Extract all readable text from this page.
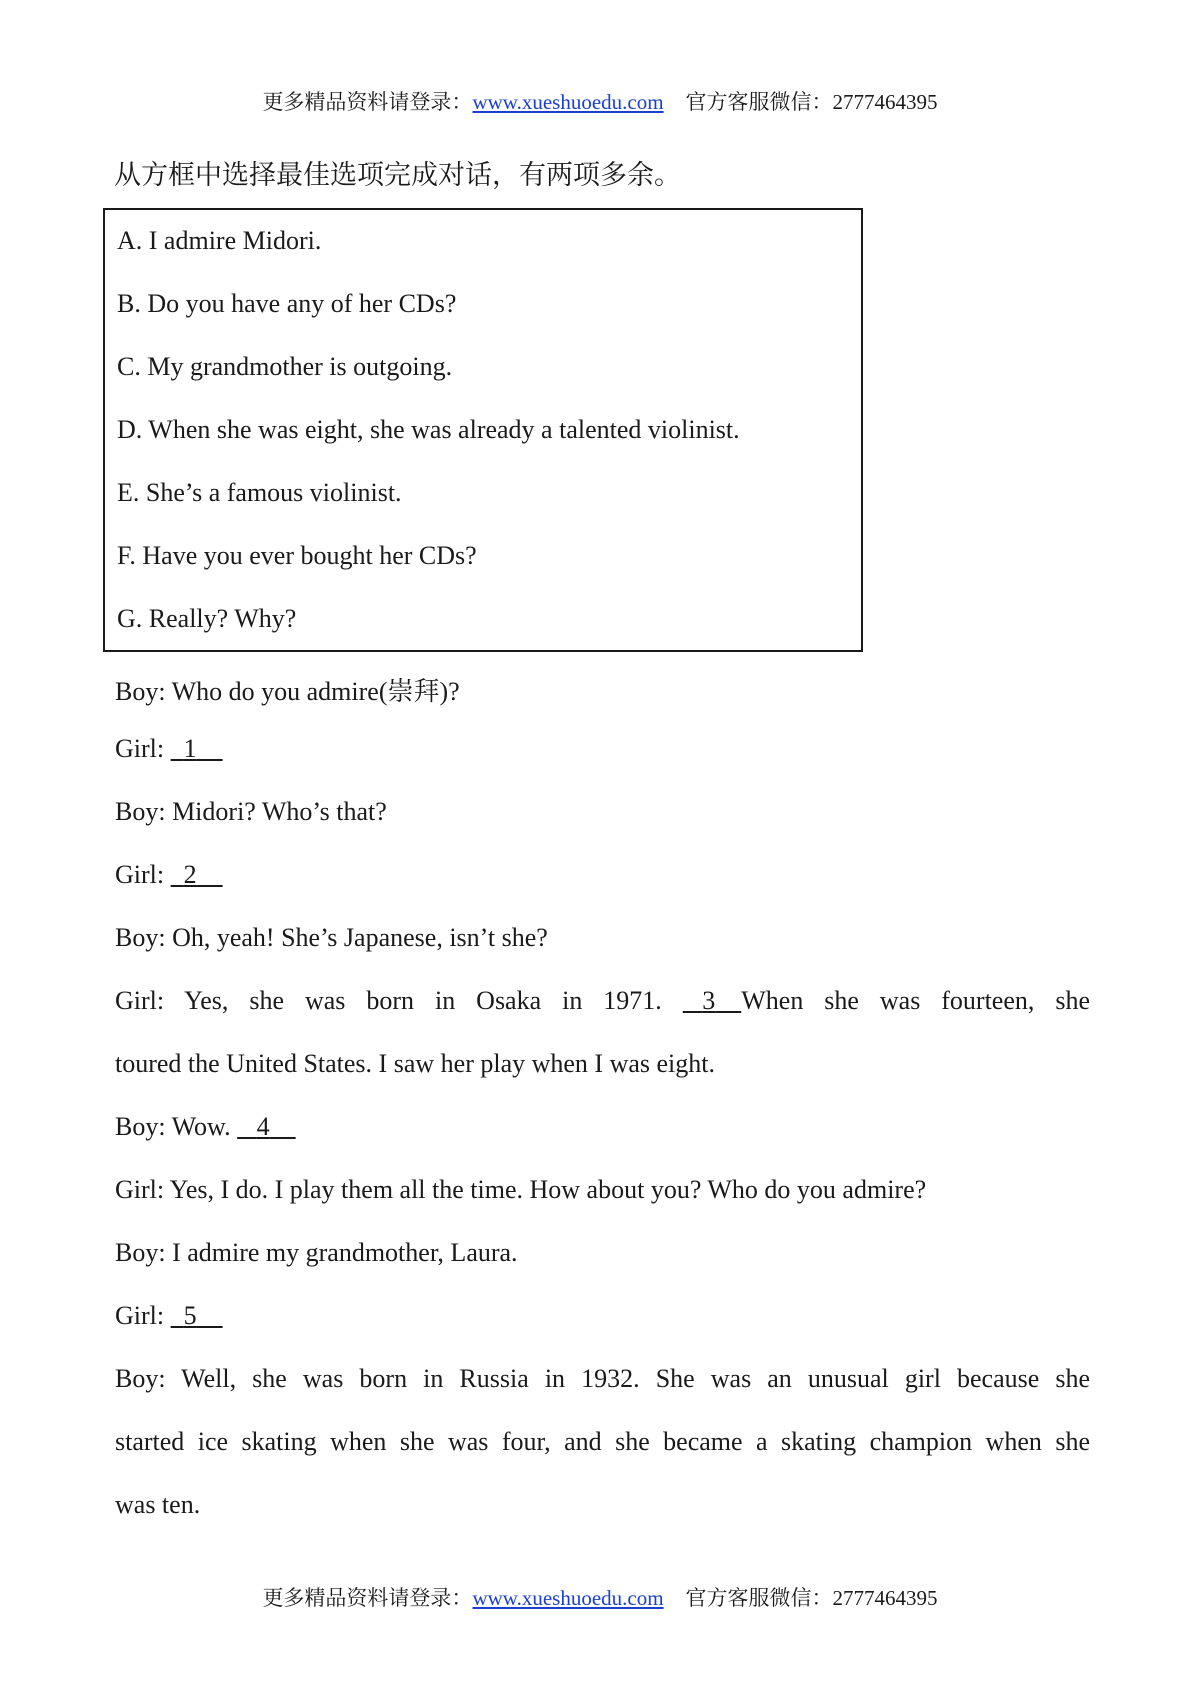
更多精品资料请登录：www.xueshuoedu.com 官方客服微信：2777464395
从方框中选择最佳选项完成对话，有两项多余。
A. I admire Midori.
B. Do you have any of her CDs?
C. My grandmother is outgoing.
D. When she was eight, she was already a talented violinist.
E. She’s a famous violinist.
F. Have you ever bought her CDs?
G. Really? Why?
Boy: Who do you admire(崇拜)?
Girl: 1
Boy: Midori? Who’s that?
Girl: 2
Boy: Oh, yeah! She’s Japanese, isn’t she?
Girl: Yes, she was born in Osaka in 1971. 3 When she was fourteen, she
toured the United States. I saw her play when I was eight.
Boy: Wow. 4
Girl: Yes, I do. I play them all the time. How about you? Who do you admire?
Boy: I admire my grandmother, Laura.
Girl: 5
Boy: Well, she was born in Russia in 1932. She was an unusual girl because she
started ice skating when she was four, and she became a skating champion when she
was ten.
更多精品资料请登录：www.xueshuoedu.com 官方客服微信：2777464395
